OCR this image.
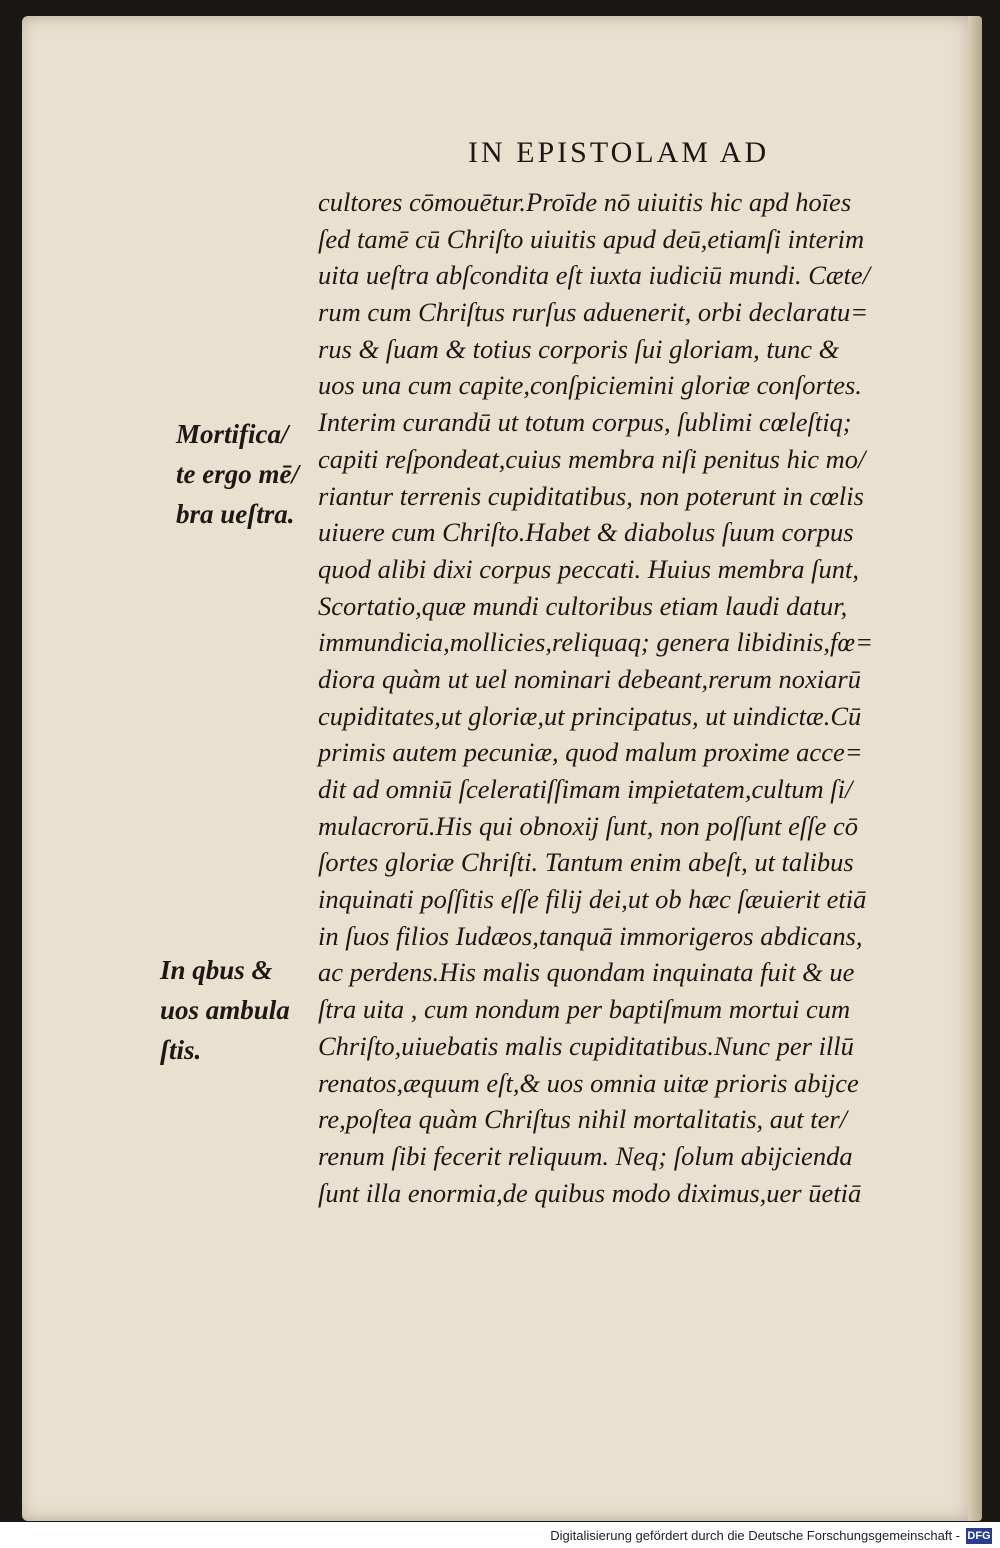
IN EPISTOLAM AD
cultores cōmouētur.Proīde nō uiuitis hic apd hoīes
ſed tamē cū Chriſto uiuitis apud deū,etiamſi interim
uita ueſtra abſcondita eſt iuxta iudiciū mundi. Cæte/
rum cum Chriſtus rurſus aduenerit, orbi declaratu=
rus & ſuam & totius corporis ſui gloriam, tunc &
uos una cum capite,conſpiciemini gloriæ conſortes.
Interim curandū ut totum corpus, ſublimi cœleſtiq;
capiti reſpondeat,cuius membra niſi penitus hic mo/
riantur terrenis cupiditatibus, non poterunt in cœlis
uiuere cum Chriſto.Habet & diabolus ſuum corpus
quod alibi dixi corpus peccati. Huius membra ſunt,
Scortatio,quæ mundi cultoribus etiam laudi datur,
immundicia,mollicies,reliquaq; genera libidinis,fœ=
diora quàm ut uel nominari debeant,rerum noxiarū
cupiditates,ut gloriæ,ut principatus, ut uindictæ.Cū
primis autem pecuniæ, quod malum proxime acce=
dit ad omniū ſceleratiſſimam impietatem,cultum ſi/
mulacrorū.His qui obnoxij ſunt, non poſſunt eſſe cō
ſortes gloriæ Chriſti. Tantum enim abeſt, ut talibus
inquinati poſſitis eſſe filij dei,ut ob hæc ſæuierit etiā
in ſuos filios Iudæos,tanquā immorigeros abdicans,
ac perdens.His malis quondam inquinata fuit & ue
ſtra uita , cum nondum per baptiſmum mortui cum
Chriſto,uiuebatis malis cupiditatibus.Nunc per illū
renatos,æquum eſt,& uos omnia uitæ prioris abijce
re,poſtea quàm Chriſtus nihil mortalitatis, aut ter/
renum ſibi fecerit reliquum. Neq; ſolum abijcienda
ſunt illa enormia,de quibus modo diximus,uer ūetiā
Mortifica/
te ergo mē/
bra ueſtra.
In qbus &
uos ambula
ſtis.
Digitalisierung gefördert durch die Deutsche Forschungsgemeinschaft - DFG
